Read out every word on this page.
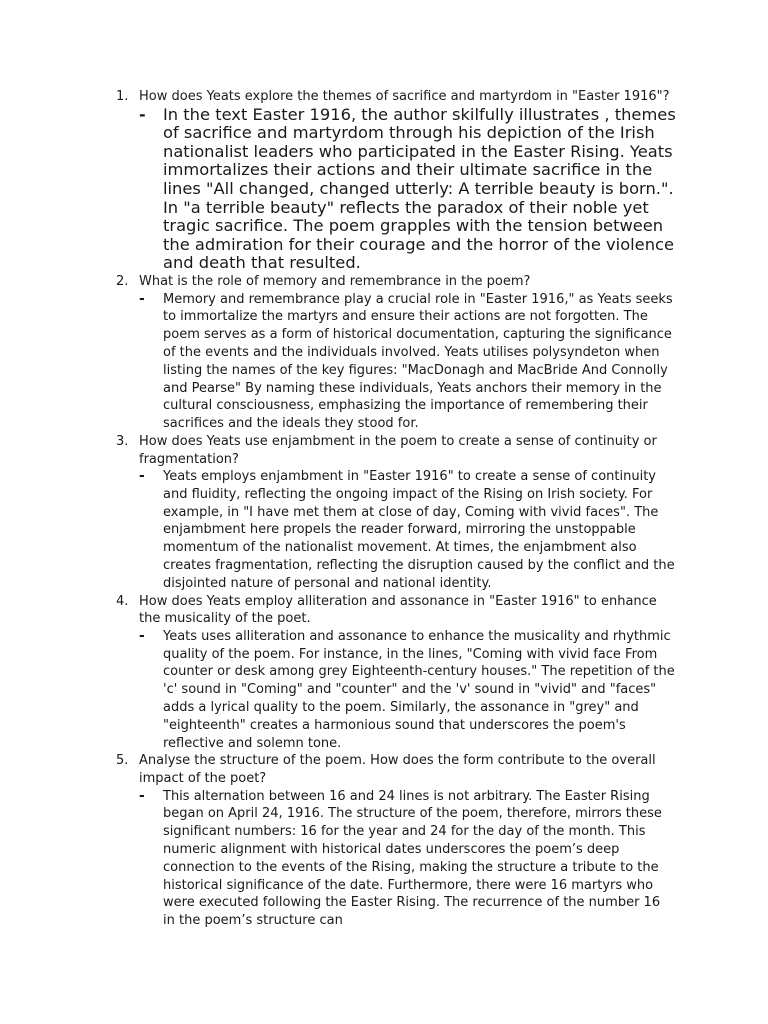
1. How does Yeats explore the themes of sacrifice and martyrdom in "Easter 1916"?
- In the text Easter 1916, the author skilfully illustrates , themes of sacrifice and martyrdom through his depiction of the Irish nationalist leaders who participated in the Easter Rising. Yeats immortalizes their actions and their ultimate sacrifice in the lines "All changed, changed utterly: A terrible beauty is born.". In "a terrible beauty" reflects the paradox of their noble yet tragic sacrifice. The poem grapples with the tension between the admiration for their courage and the horror of the violence and death that resulted.
2. What is the role of memory and remembrance in the poem?
- Memory and remembrance play a crucial role in "Easter 1916," as Yeats seeks to immortalize the martyrs and ensure their actions are not forgotten. The poem serves as a form of historical documentation, capturing the significance of the events and the individuals involved. Yeats utilises polysyndeton when listing the names of the key figures: "MacDonagh and MacBride And Connolly and Pearse" By naming these individuals, Yeats anchors their memory in the cultural consciousness, emphasizing the importance of remembering their sacrifices and the ideals they stood for.
3. How does Yeats use enjambment in the poem to create a sense of continuity or fragmentation?
- Yeats employs enjambment in "Easter 1916" to create a sense of continuity and fluidity, reflecting the ongoing impact of the Rising on Irish society. For example, in "I have met them at close of day, Coming with vivid faces". The enjambment here propels the reader forward, mirroring the unstoppable momentum of the nationalist movement. At times, the enjambment also creates fragmentation, reflecting the disruption caused by the conflict and the disjointed nature of personal and national identity.
4. How does Yeats employ alliteration and assonance in "Easter 1916" to enhance the musicality of the poet.
- Yeats uses alliteration and assonance to enhance the musicality and rhythmic quality of the poem. For instance, in the lines, "Coming with vivid face From counter or desk among grey Eighteenth-century houses." The repetition of the 'c' sound in "Coming" and "counter" and the 'v' sound in "vivid" and "faces" adds a lyrical quality to the poem. Similarly, the assonance in "grey" and "eighteenth" creates a harmonious sound that underscores the poem's reflective and solemn tone.
5. Analyse the structure of the poem. How does the form contribute to the overall impact of the poet?
- This alternation between 16 and 24 lines is not arbitrary. The Easter Rising began on April 24, 1916. The structure of the poem, therefore, mirrors these significant numbers: 16 for the year and 24 for the day of the month. This numeric alignment with historical dates underscores the poem’s deep connection to the events of the Rising, making the structure a tribute to the historical significance of the date. Furthermore, there were 16 martyrs who were executed following the Easter Rising. The recurrence of the number 16 in the poem’s structure can
